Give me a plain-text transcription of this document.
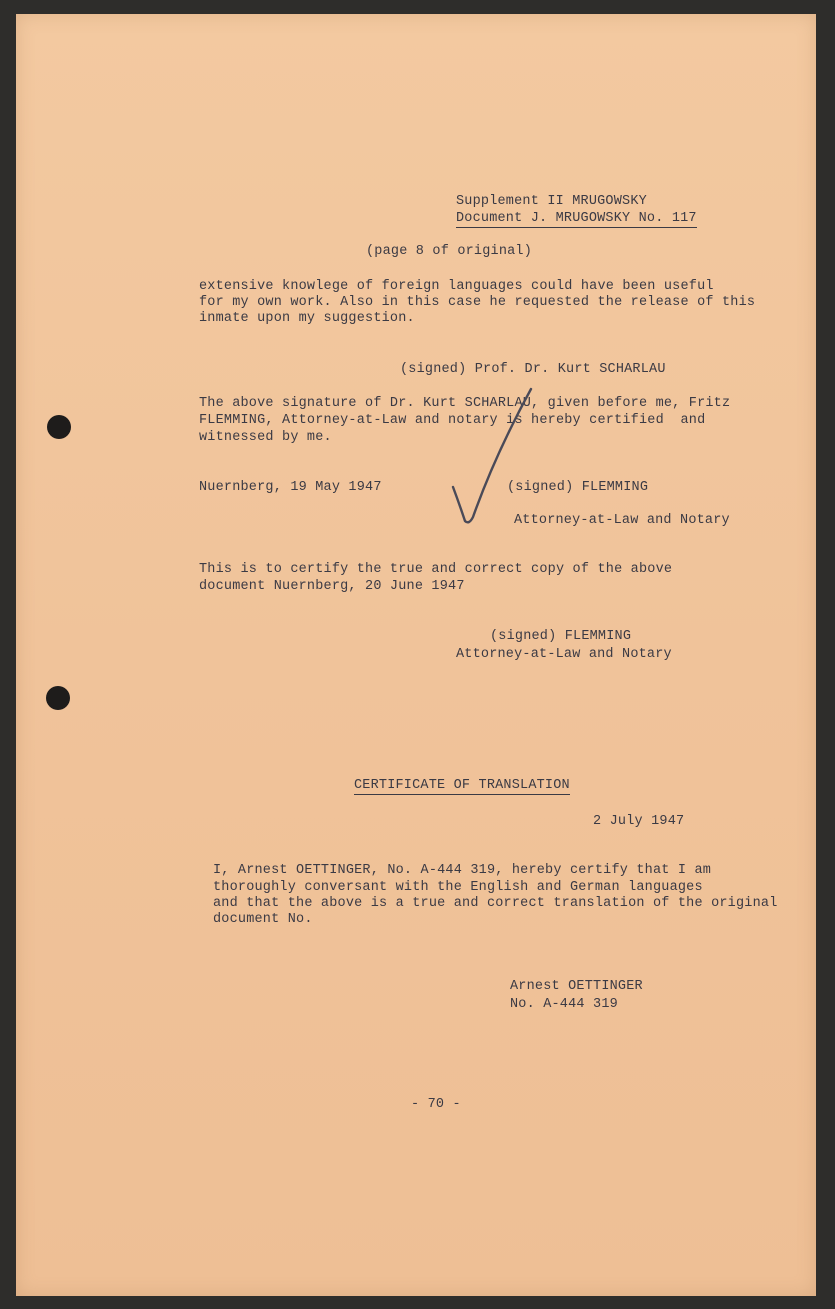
Supplement II MRUGOWSKY
Document J. MRUGOWSKY No. 117
(page 8 of original)
extensive knowlege of foreign languages could have been useful
for my own work. Also in this case he requested the release of this
inmate upon my suggestion.
(signed) Prof. Dr. Kurt SCHARLAU
The above signature of Dr. Kurt SCHARLAU, given before me, Fritz
FLEMMING, Attorney-at-Law and notary is hereby certified  and
witnessed by me.
Nuernberg, 19 May 1947	(signed) FLEMMING
Attorney-at-Law and Notary
This is to certify the true and correct copy of the above
document Nuernberg, 20 June 1947
(signed) FLEMMING
Attorney-at-Law and Notary
CERTIFICATE OF TRANSLATION
2 July 1947
I, Arnest OETTINGER, No. A-444 319, hereby certify that I am
thoroughly conversant with the English and German languages
and that the above is a true and correct translation of the original
document No.
Arnest OETTINGER
No. A-444 319
- 70 -
